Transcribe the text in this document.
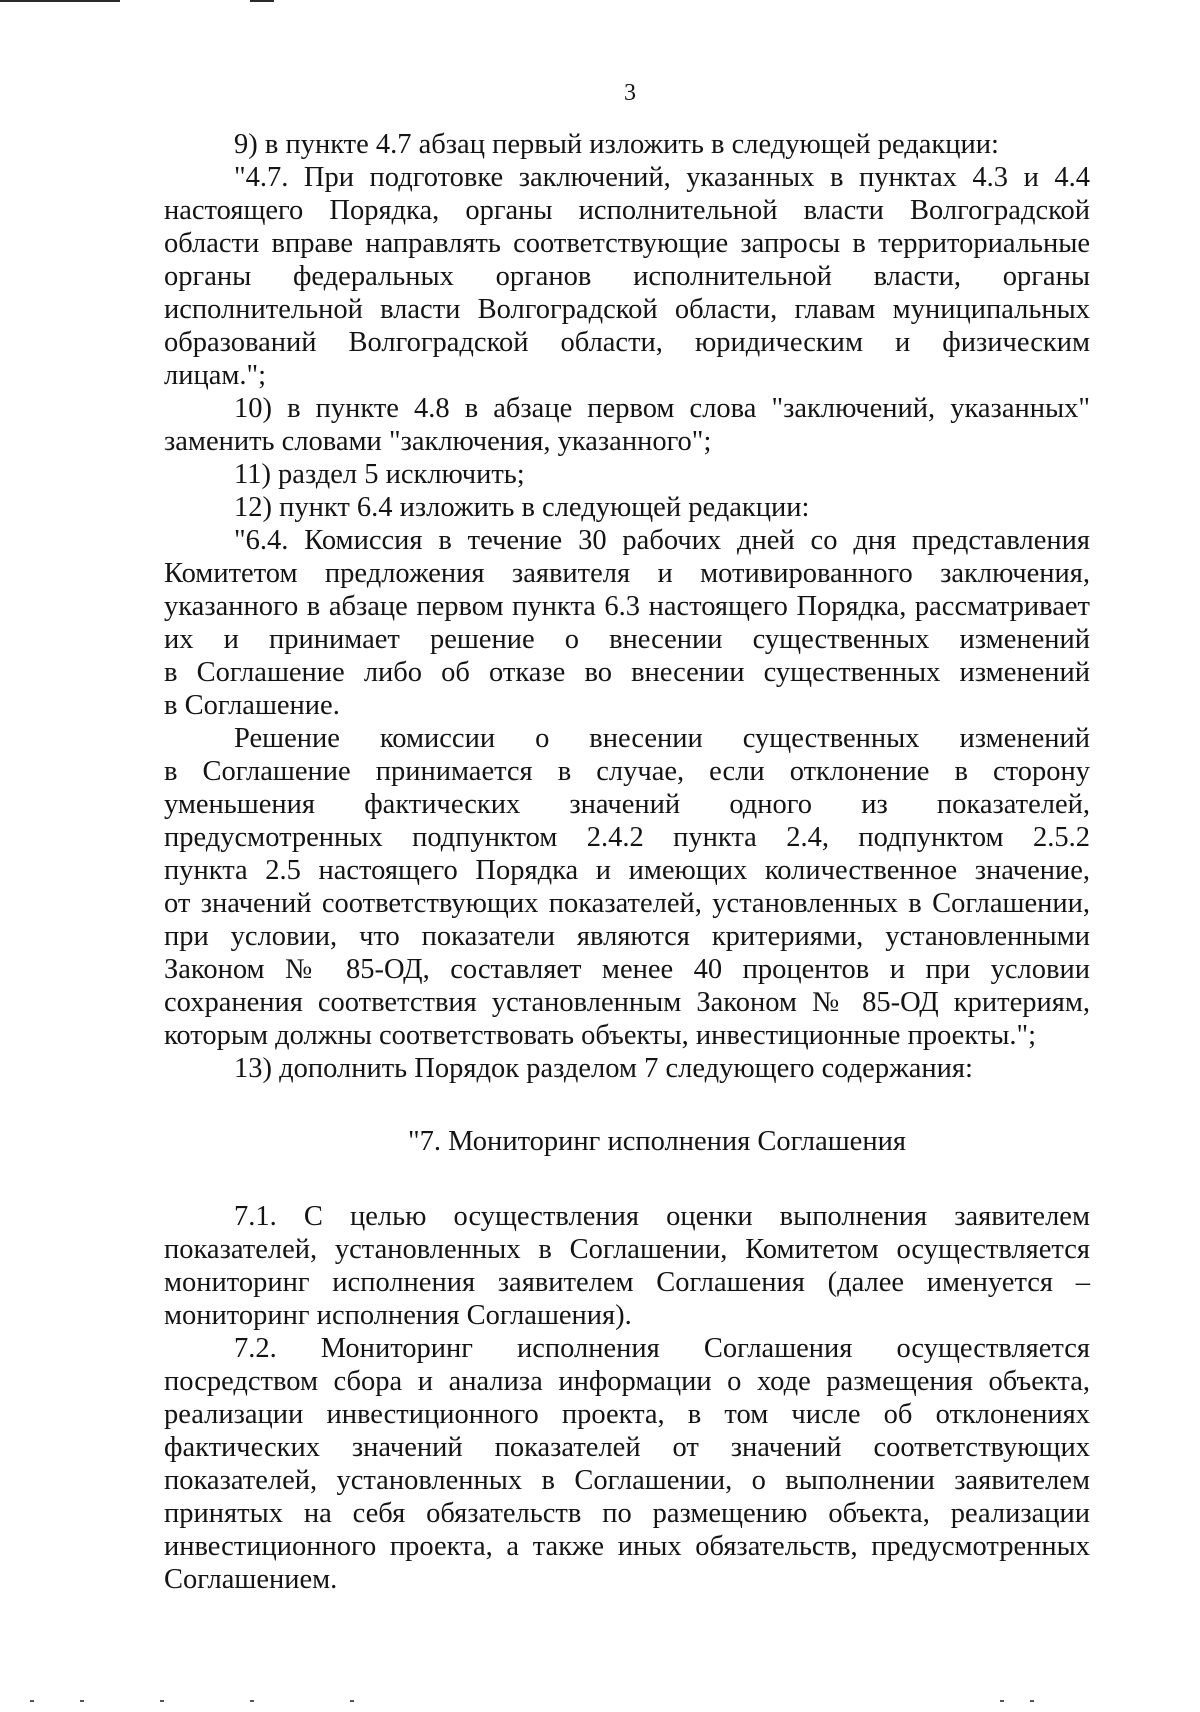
3
9) в пункте 4.7 абзац первый изложить в следующей редакции:
"4.7. При подготовке заключений, указанных в пунктах 4.3 и 4.4
настоящего Порядка, органы исполнительной власти Волгоградской
области вправе направлять соответствующие запросы в территориальные
органы федеральных органов исполнительной власти, органы
исполнительной власти Волгоградской области, главам муниципальных
образований Волгоградской области, юридическим и физическим
лицам.";
10) в пункте 4.8 в абзаце первом слова "заключений, указанных"
заменить словами "заключения, указанного";
11) раздел 5 исключить;
12) пункт 6.4 изложить в следующей редакции:
"6.4. Комиссия в течение 30 рабочих дней со дня представления
Комитетом предложения заявителя и мотивированного заключения,
указанного в абзаце первом пункта 6.3 настоящего Порядка, рассматривает
их и принимает решение о внесении существенных изменений
в Соглашение либо об отказе во внесении существенных изменений
в Соглашение.
Решение комиссии о внесении существенных изменений
в Соглашение принимается в случае, если отклонение в сторону
уменьшения фактических значений одного из показателей,
предусмотренных подпунктом 2.4.2 пункта 2.4, подпунктом 2.5.2
пункта 2.5 настоящего Порядка и имеющих количественное значение,
от значений соответствующих показателей, установленных в Соглашении,
при условии, что показатели являются критериями, установленными
Законом № 85-ОД, составляет менее 40 процентов и при условии
сохранения соответствия установленным Законом № 85-ОД критериям,
которым должны соответствовать объекты, инвестиционные проекты.";
13) дополнить Порядок разделом 7 следующего содержания:
"7. Мониторинг исполнения Соглашения
7.1. С целью осуществления оценки выполнения заявителем
показателей, установленных в Соглашении, Комитетом осуществляется
мониторинг исполнения заявителем Соглашения (далее именуется –
мониторинг исполнения Соглашения).
7.2. Мониторинг исполнения Соглашения осуществляется
посредством сбора и анализа информации о ходе размещения объекта,
реализации инвестиционного проекта, в том числе об отклонениях
фактических значений показателей от значений соответствующих
показателей, установленных в Соглашении, о выполнении заявителем
принятых на себя обязательств по размещению объекта, реализации
инвестиционного проекта, а также иных обязательств, предусмотренных
Соглашением.
